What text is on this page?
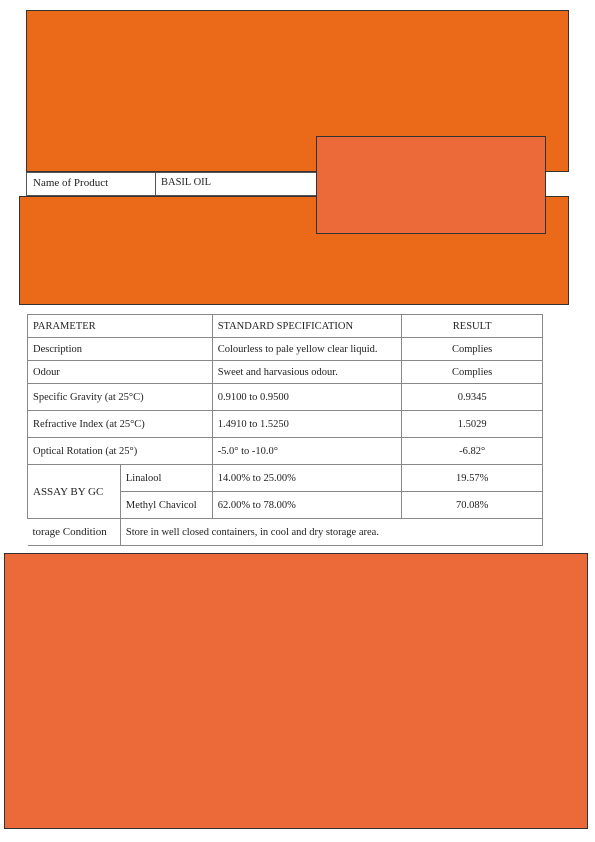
Name of Product	BASIL OIL
PARAMETER		STANDARD SPECIFICATION	RESULT
Description		Colourless to pale yellow clear liquid.	Complies
Odour		Sweet and harvasious odour.	Complies
Specific Gravity (at 25°C)		0.9100 to 0.9500	0.9345
Refractive Index (at 25°C)		1.4910 to 1.5250	1.5029
Optical Rotation (at 25°)		-5.0° to -10.0°	-6.82°
ASSAY BY GC	Linalool	14.00% to 25.00%	19.57%
	Methyl Chavicol	62.00% to 78.00%	70.08%
torage Condition	Store in well closed containers, in cool and dry storage area.		
